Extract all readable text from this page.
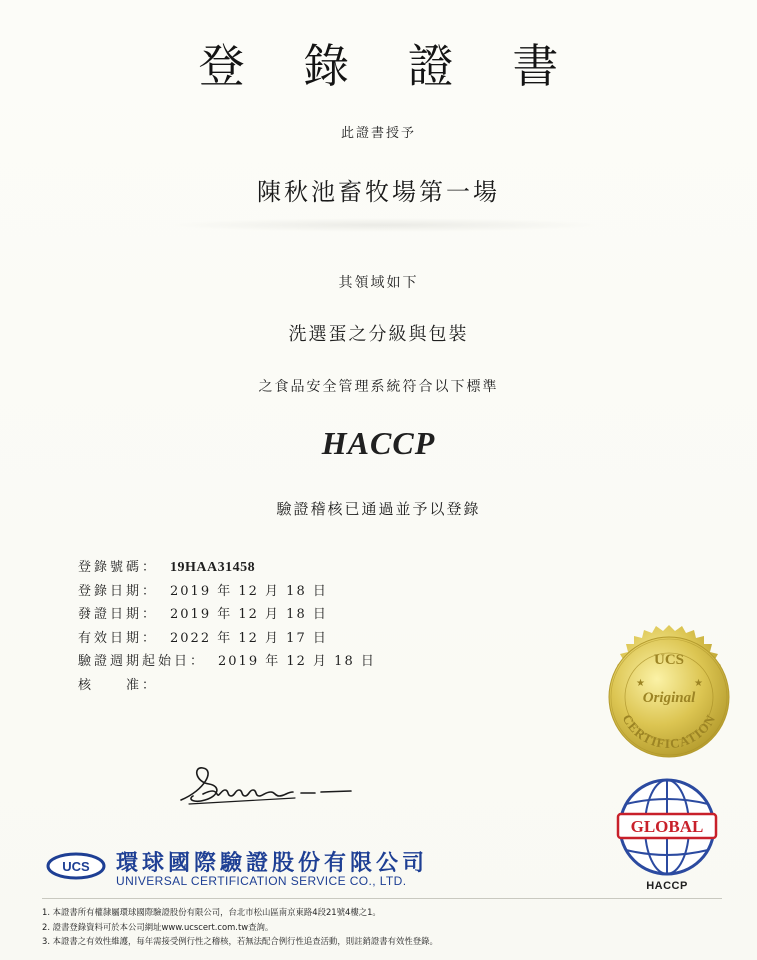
登 錄 證 書
此證書授予
陳秋池畜牧場第一場
其領域如下
洗選蛋之分級與包裝
之食品安全管理系統符合以下標準
HACCP
驗證稽核已通過並予以登錄
登錄號碼： 19HAA31458
登錄日期： 2019 年 12 月 18 日
發證日期： 2019 年 12 月 18 日
有效日期： 2022 年 12 月 17 日
驗證週期起始日： 2019 年 12 月 18 日
核　　准：
UCS
Original
CERTIFICATION
★	★
GLOBAL
HACCP
UCS 環球國際驗證股份有限公司
UNIVERSAL CERTIFICATION SERVICE CO., LTD.
1. 本證書所有權隸屬環球國際驗證股份有限公司，台北市松山區南京東路4段21號4樓之1。
2. 證書登錄資料可於本公司網址www.ucscert.com.tw查詢。
3. 本證書之有效性維護，每年需接受例行性之稽核，若無法配合例行性追查活動，則註銷證書有效性登錄。
